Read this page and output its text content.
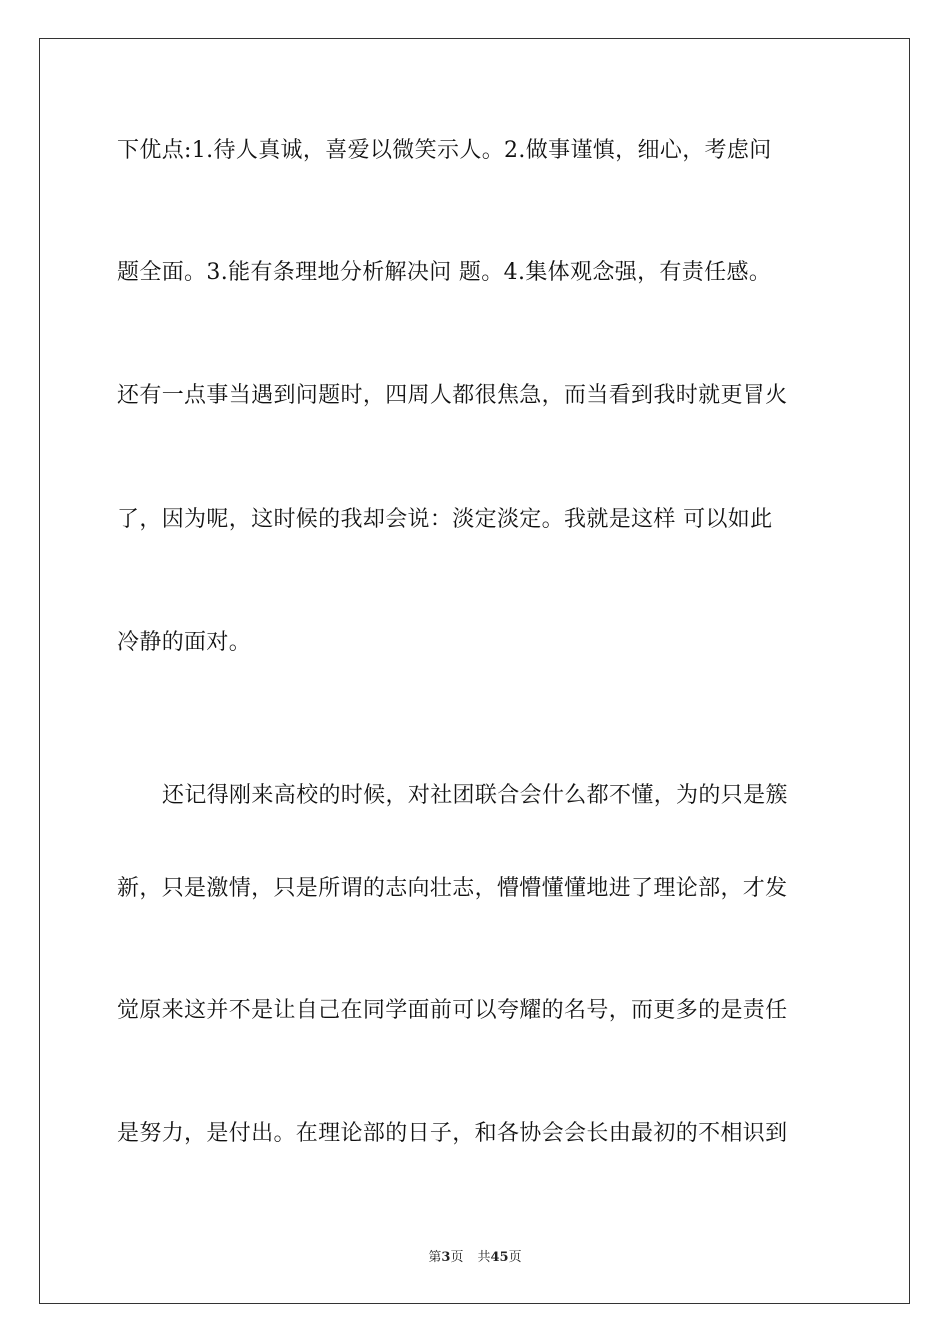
下优点:1.待人真诚，喜爱以微笑示人。2.做事谨慎，细心，考虑问
题全面。3.能有条理地分析解决问 题。4.集体观念强，有责任感。
还有一点事当遇到问题时，四周人都很焦急，而当看到我时就更冒火
了，因为呢，这时候的我却会说：淡定淡定。我就是这样 可以如此
冷静的面对。
还记得刚来高校的时候，对社团联合会什么都不懂，为的只是簇
新，只是激情，只是所谓的志向壮志，懵懵懂懂地进了理论部，才发
觉原来这并不是让自己在同学面前可以夸耀的名号，而更多的是责任
是努力，是付出。在理论部的日子，和各协会会长由最初的不相识到
第3页 共45页
